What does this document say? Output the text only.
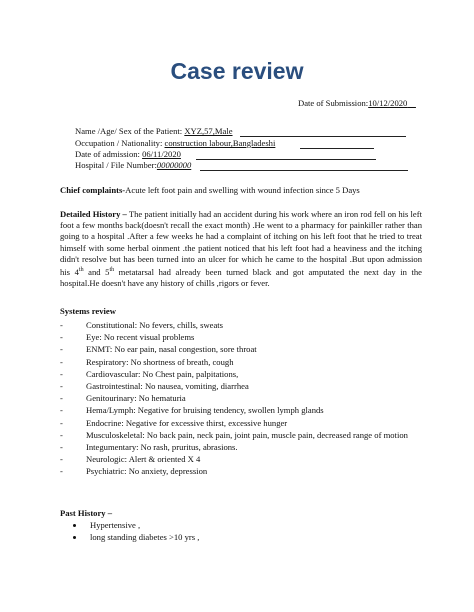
Case review
Date of Submission:10/12/2020
Name /Age/ Sex of the Patient: XYZ,57,Male
Occupation / Nationality: construction labour,Bangladeshi
Date of admission: 06/11/2020
Hospital / File Number:00000000
Chief complaints-Acute left foot pain and swelling with wound infection since 5 Days
Detailed History – The patient initially had an accident during his work where an iron rod fell on his left foot a few months back(doesn't recall the exact month) .He went to a pharmacy for painkiller rather than going to a hospital .After a few weeks he had a complaint of itching on his left foot that he tried to treat himself with some herbal oinment .the patient noticed that his left foot had a heaviness and the itching didn't resolve but has been turned into an ulcer for which he came to the hospital .But upon admission his 4th and 5th metatarsal had already been turned black and got amputated the next day in the hospital.He doesn't have any history of chills ,rigors or fever.
Systems review
-	Constitutional: No fevers, chills, sweats
-	Eye: No recent visual problems
-	ENMT: No ear pain, nasal congestion, sore throat
-	Respiratory: No shortness of breath, cough
-	Cardiovascular: No Chest pain, palpitations,
-	Gastrointestinal: No nausea, vomiting, diarrhea
-	Genitourinary: No hematuria
-	Hema/Lymph: Negative for bruising tendency, swollen lymph glands
-	Endocrine: Negative for excessive thirst, excessive hunger
-	Musculoskeletal: No back pain, neck pain, joint pain, muscle pain, decreased range of motion
-	Integumentary: No rash, pruritus, abrasions.
-	Neurologic: Alert & oriented X 4
-	Psychiatric: No anxiety, depression
Past History –
Hypertensive ,
long standing diabetes >10 yrs ,
